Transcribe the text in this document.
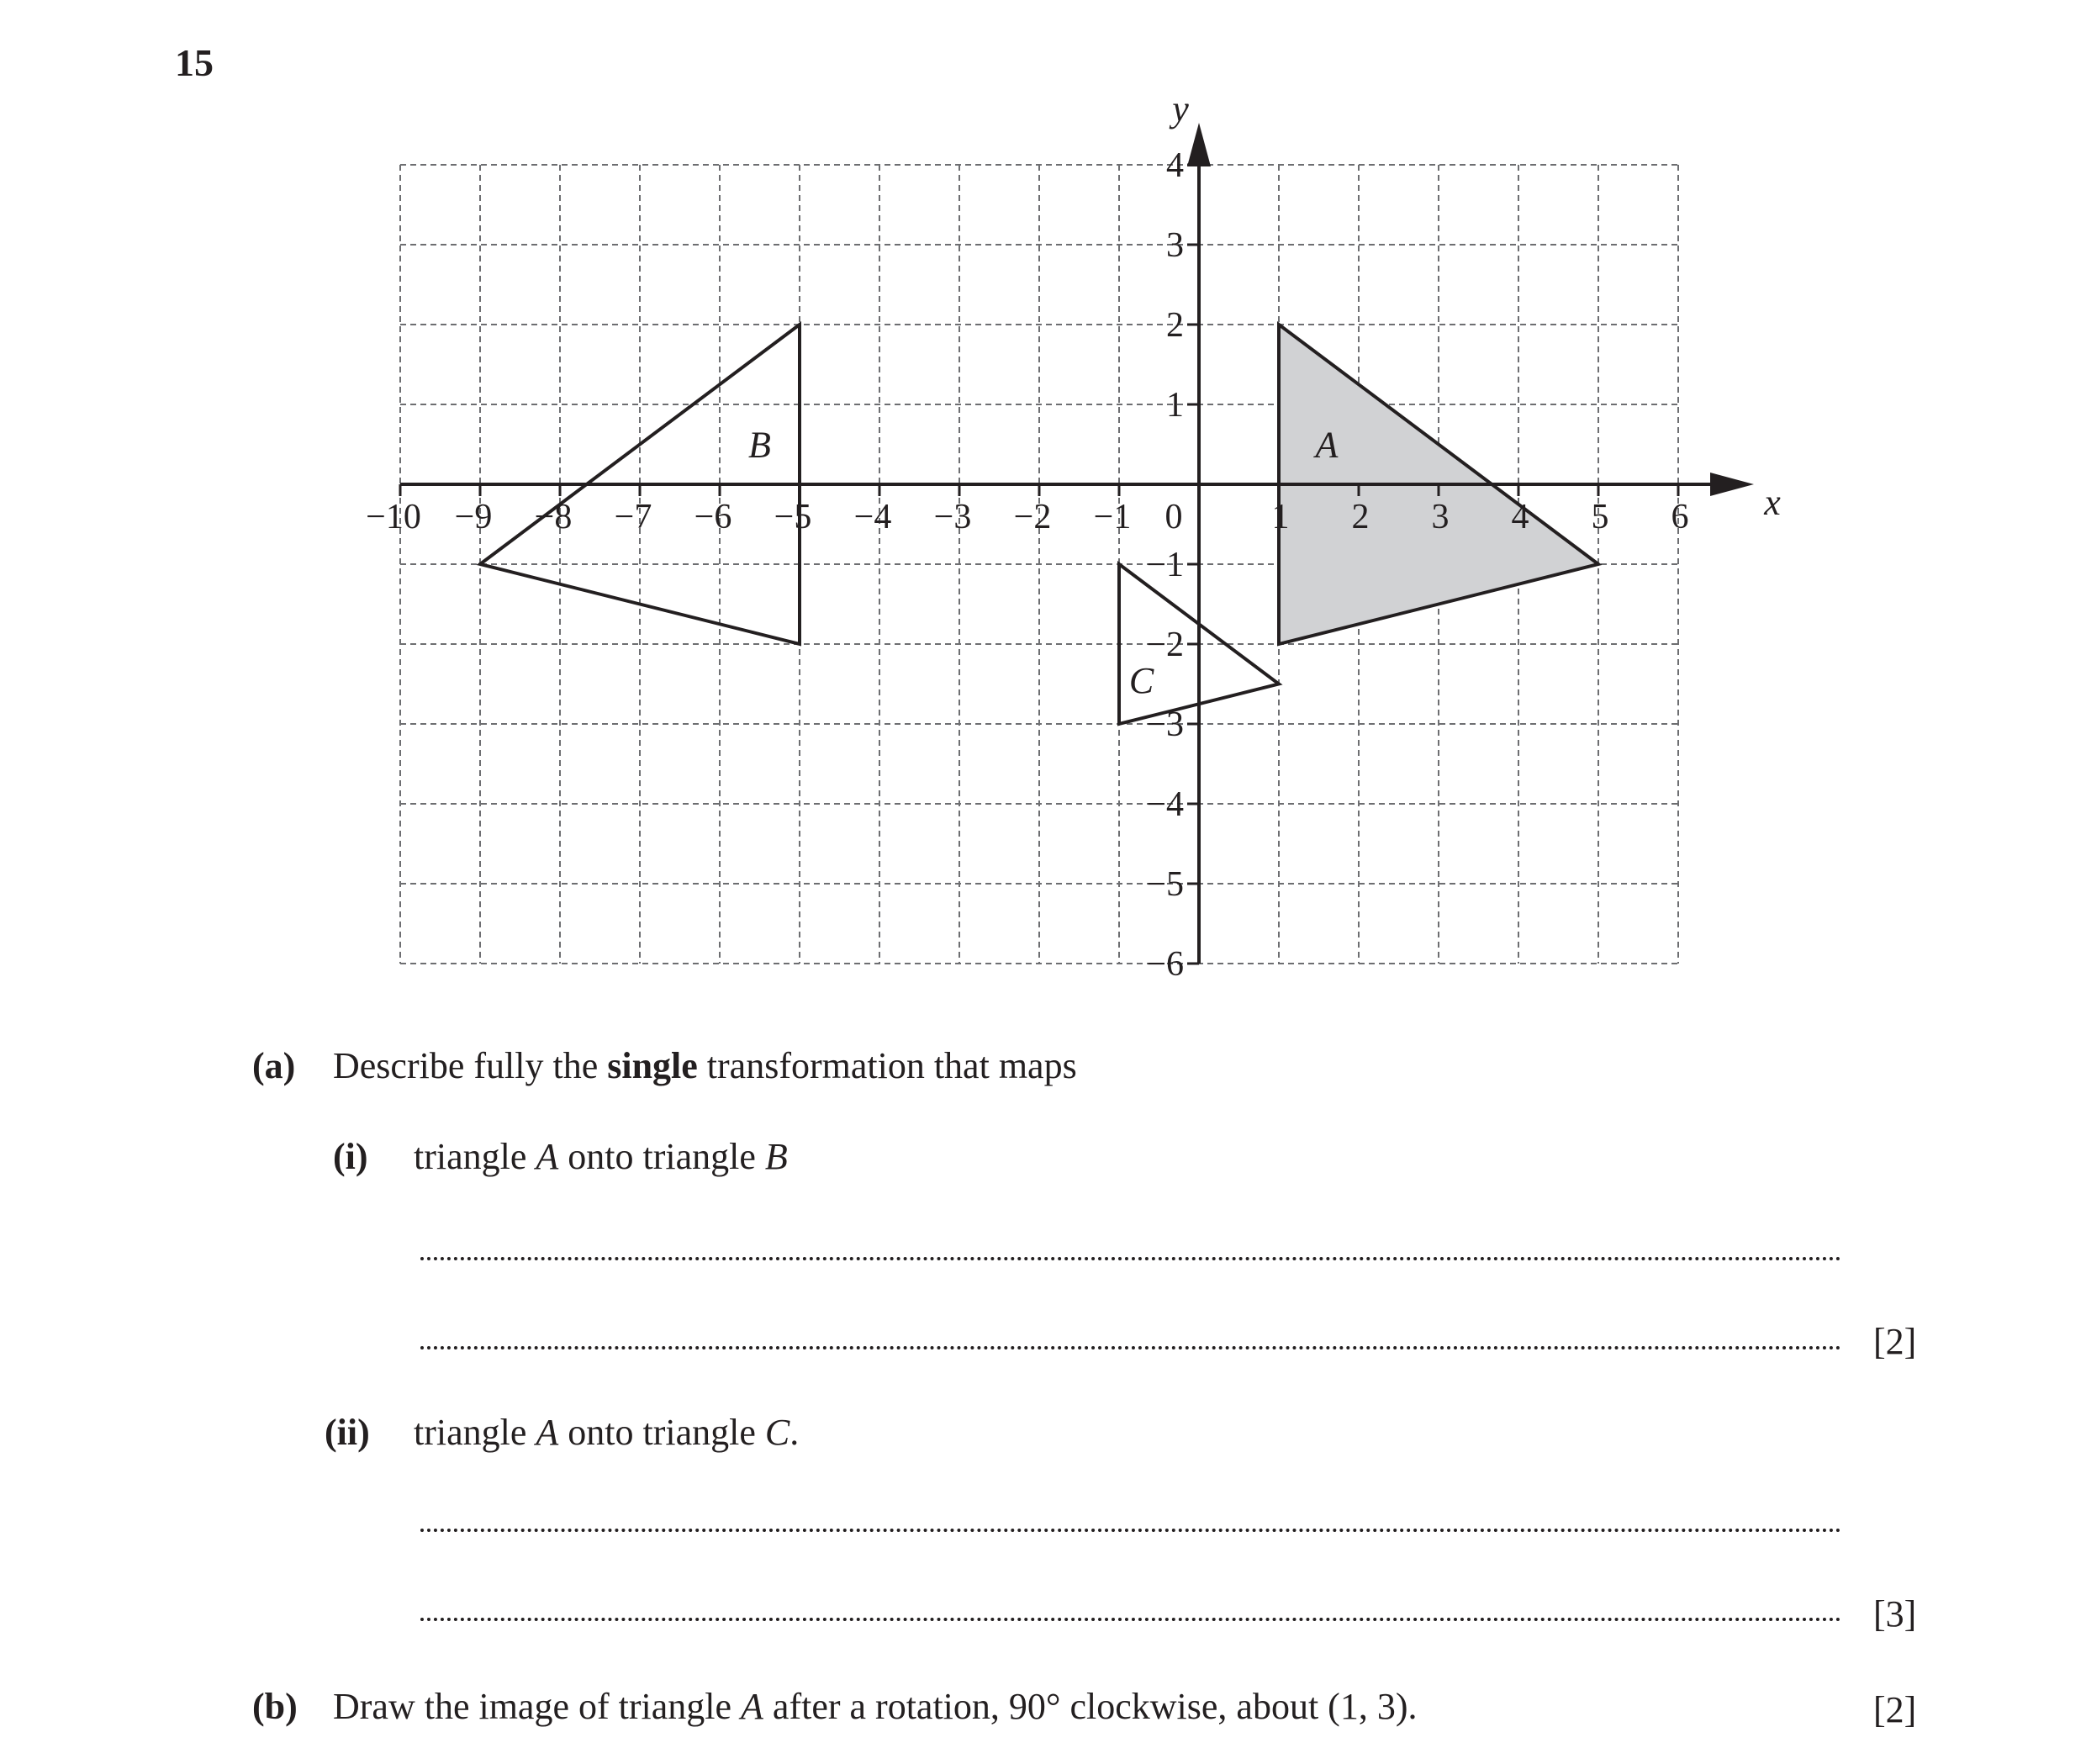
15
A
B
C
−10 −9 −8 −7 −6 −5 −4 −3 −2 −1 0	1 2 3 4 5 6
4
3
2
1
−1
−2
−3
−4
−5
−6
x
y
(a) Describe fully the single transformation that maps
(i) triangle A onto triangle B
[2]
(ii) triangle A onto triangle C.
[3]
(b) Draw the image of triangle A after a rotation, 90° clockwise, about (1, 3).	[2]
